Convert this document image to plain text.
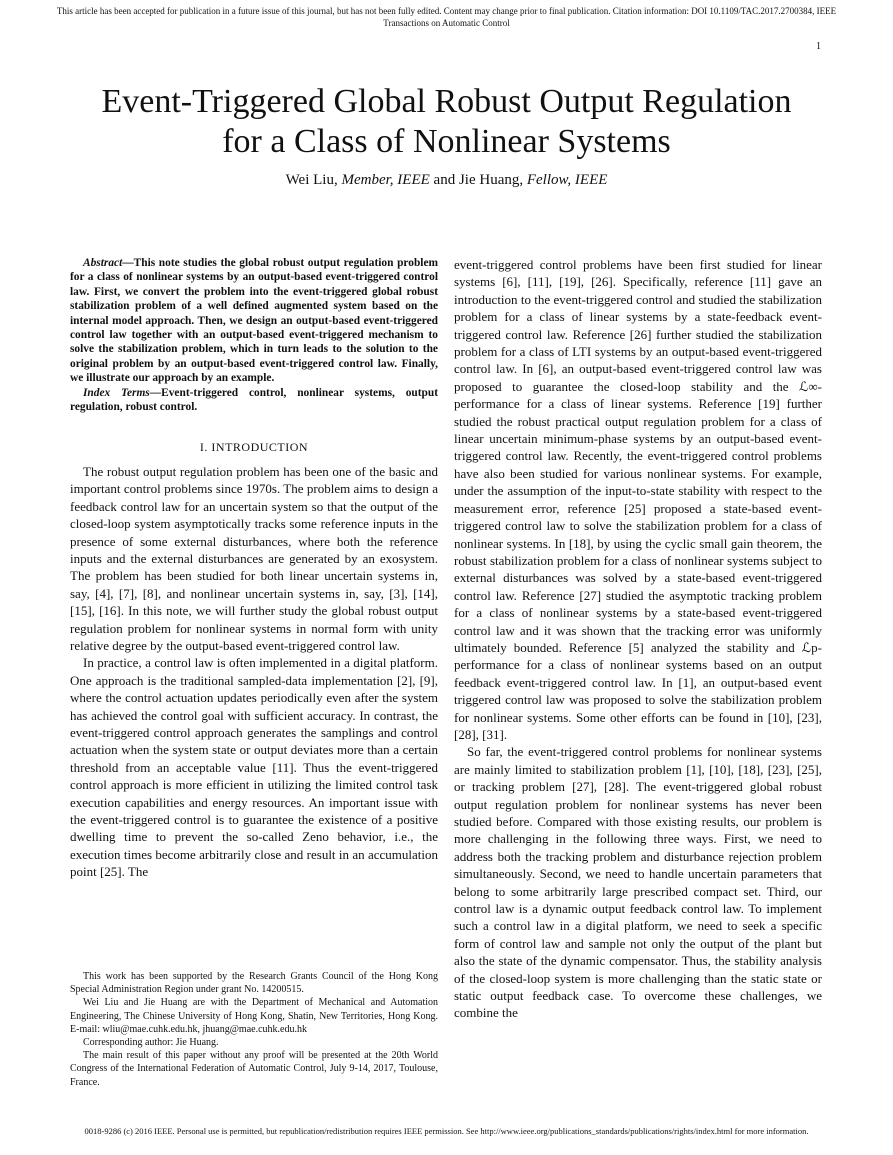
This article has been accepted for publication in a future issue of this journal, but has not been fully edited. Content may change prior to final publication. Citation information: DOI 10.1109/TAC.2017.2700384, IEEE
Transactions on Automatic Control
1
Event-Triggered Global Robust Output Regulation
for a Class of Nonlinear Systems
Wei Liu, Member, IEEE and Jie Huang, Fellow, IEEE

Abstract—This note studies the global robust output regulation problem for a class of nonlinear systems by an output-based event-triggered control law. First, we convert the problem into the event-triggered global robust stabilization problem of a well defined augmented system based on the internal model approach. Then, we design an output-based event-triggered control law together with an output-based event-triggered mechanism to solve the stabilization problem, which in turn leads to the solution to the original problem by an output-based event-triggered control law. Finally, we illustrate our approach by an example.

Index Terms—Event-triggered control, nonlinear systems, output regulation, robust control.

I. INTRODUCTION

The robust output regulation problem has been one of the basic and important control problems since 1970s. The problem aims to design a feedback control law for an uncertain system so that the output of the closed-loop system asymptotically tracks some reference inputs in the presence of some external disturbances, where both the reference inputs and the external disturbances are generated by an exosystem. The problem has been studied for both linear uncertain systems in, say, [4], [7], [8], and nonlinear uncertain systems in, say, [3], [14], [15], [16]. In this note, we will further study the global robust output regulation problem for nonlinear systems in normal form with unity relative degree by the output-based event-triggered control law.

In practice, a control law is often implemented in a digital platform. One approach is the traditional sampled-data implementation [2], [9], where the control actuation updates periodically even after the system has achieved the control goal with sufficient accuracy. In contrast, the event-triggered control approach generates the samplings and control actuation when the system state or output deviates more than a certain threshold from an acceptable value [11]. Thus the event-triggered control approach is more efficient in utilizing the limited control task execution capabilities and energy resources. An important issue with the event-triggered control is to guarantee the existence of a positive dwelling time to prevent the so-called Zeno behavior, i.e., the execution times become arbitrarily close and result in an accumulation point [25]. The

This work has been supported by the Research Grants Council of the Hong Kong Special Administration Region under grant No. 14200515.

Wei Liu and Jie Huang are with the Department of Mechanical and Automation Engineering, The Chinese University of Hong Kong, Shatin, New Territories, Hong Kong. E-mail: wliu@mae.cuhk.edu.hk, jhuang@mae.cuhk.edu.hk

Corresponding author: Jie Huang.

The main result of this paper without any proof will be presented at the 20th World Congress of the International Federation of Automatic Control, July 9-14, 2017, Toulouse, France.

event-triggered control problems have been first studied for linear systems [6], [11], [19], [26]. Specifically, reference [11] gave an introduction to the event-triggered control and studied the stabilization problem for a class of linear systems by a state-feedback event-triggered control law. Reference [26] further studied the stabilization problem for a class of LTI systems by an output-based event-triggered control law. In [6], an output-based event-triggered control law was proposed to guarantee the closed-loop stability and the ℒ∞-performance for a class of linear systems. Reference [19] further studied the robust practical output regulation problem for a class of linear uncertain minimum-phase systems by an output-based event-triggered control law. Recently, the event-triggered control problems have also been studied for various nonlinear systems. For example, under the assumption of the input-to-state stability with respect to the measurement error, reference [25] proposed a state-based event-triggered control law to solve the stabilization problem for a class of nonlinear systems. In [18], by using the cyclic small gain theorem, the robust stabilization problem for a class of nonlinear systems subject to external disturbances was solved by a state-based event-triggered control law. Reference [27] studied the asymptotic tracking problem for a class of nonlinear systems by a state-based event-triggered control law and it was shown that the tracking error was uniformly ultimately bounded. Reference [5] analyzed the stability and ℒp-performance for a class of nonlinear systems based on an output feedback event-triggered control law. In [1], an output-based event triggered control law was proposed to solve the stabilization problem for nonlinear systems. Some other efforts can be found in [10], [23], [28], [31].

So far, the event-triggered control problems for nonlinear systems are mainly limited to stabilization problem [1], [10], [18], [23], [25], or tracking problem [27], [28]. The event-triggered global robust output regulation problem for nonlinear systems has never been studied before. Compared with those existing results, our problem is more challenging in the following three ways. First, we need to address both the tracking problem and disturbance rejection problem simultaneously. Second, we need to handle uncertain parameters that belong to some arbitrarily large prescribed compact set. Third, our control law is a dynamic output feedback control law. To implement such a control law in a digital platform, we need to seek a specific form of control law and sample not only the output of the plant but also the state of the dynamic compensator. Thus, the stability analysis of the closed-loop system is more challenging than the static state or static output feedback case. To overcome these challenges, we combine the

0018-9286 (c) 2016 IEEE. Personal use is permitted, but republication/redistribution requires IEEE permission. See http://www.ieee.org/publications_standards/publications/rights/index.html for more information.
